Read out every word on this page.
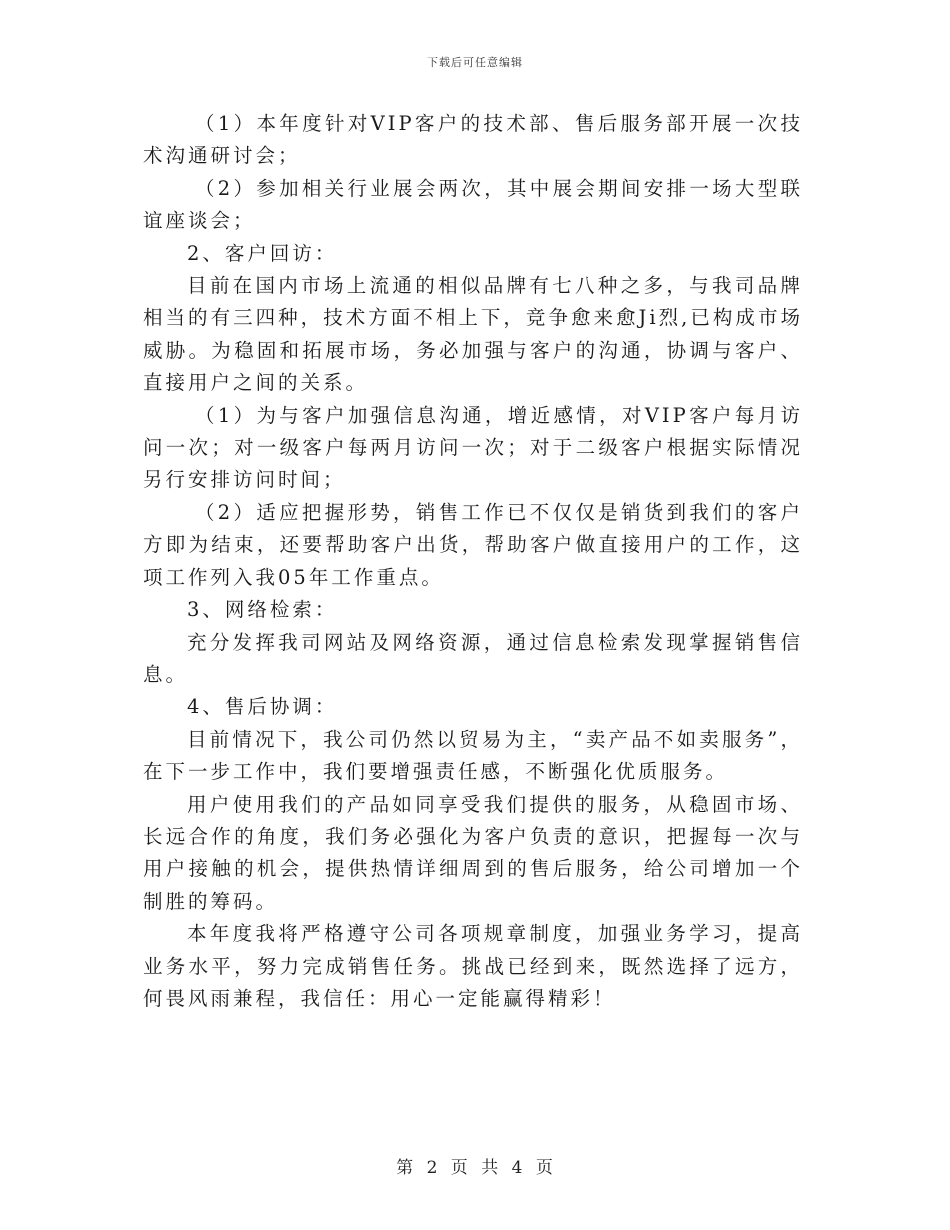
下载后可任意编辑

（1）本年度针对VIP客户的技术部、售后服务部开展一次技术沟通研讨会；

（2）参加相关行业展会两次，其中展会期间安排一场大型联谊座谈会；

2、客户回访：

目前在国内市场上流通的相似品牌有七八种之多，与我司品牌相当的有三四种，技术方面不相上下，竞争愈来愈Ji烈,已构成市场威胁。为稳固和拓展市场，务必加强与客户的沟通，协调与客户、直接用户之间的关系。

（1）为与客户加强信息沟通，增近感情，对VIP客户每月访问一次；对一级客户每两月访问一次；对于二级客户根据实际情况另行安排访问时间；

（2）适应把握形势，销售工作已不仅仅是销货到我们的客户方即为结束，还要帮助客户出货，帮助客户做直接用户的工作，这项工作列入我05年工作重点。

3、网络检索：

充分发挥我司网站及网络资源，通过信息检索发现掌握销售信息。

4、售后协调：

目前情况下，我公司仍然以贸易为主，“卖产品不如卖服务”，在下一步工作中，我们要增强责任感，不断强化优质服务。

用户使用我们的产品如同享受我们提供的服务，从稳固市场、长远合作的角度，我们务必强化为客户负责的意识，把握每一次与用户接触的机会，提供热情详细周到的售后服务，给公司增加一个制胜的筹码。

本年度我将严格遵守公司各项规章制度，加强业务学习，提高业务水平，努力完成销售任务。挑战已经到来，既然选择了远方，何畏风雨兼程，我信任：用心一定能赢得精彩！

第 2 页 共 4 页
